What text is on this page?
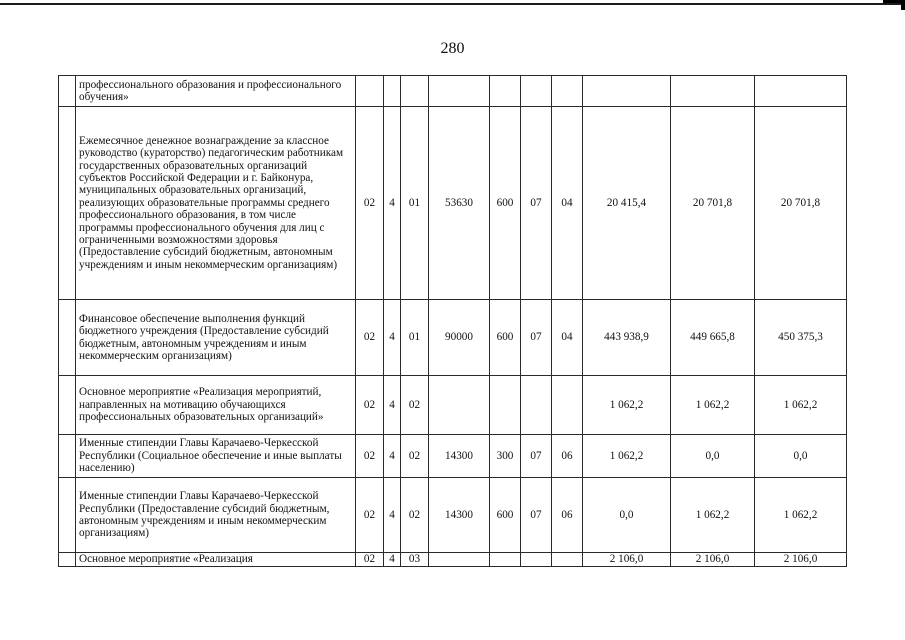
280
	профессионального образования и профессионального обучения»										
	Ежемесячное денежное вознаграждение за классное руководство (кураторство) педагогическим работникам государственных образовательных организаций субъектов Российской Федерации и г. Байконура, муниципальных образовательных организаций, реализующих образовательные программы среднего профессионального образования, в том числе программы профессионального обучения для лиц с ограниченными возможностями здоровья (Предоставление субсидий бюджетным, автономным учреждениям и иным некоммерческим организациям)	02	4	01	53630	600	07	04	20 415,4	20 701,8	20 701,8
	Финансовое обеспечение выполнения функций бюджетного учреждения (Предоставление субсидий бюджетным, автономным учреждениям и иным некоммерческим организациям)	02	4	01	90000	600	07	04	443 938,9	449 665,8	450 375,3
	Основное мероприятие «Реализация мероприятий, направленных на мотивацию обучающихся профессиональных образовательных организаций»	02	4	02					1 062,2	1 062,2	1 062,2
	Именные стипендии Главы Карачаево-Черкесской Республики (Социальное обеспечение и иные выплаты населению)	02	4	02	14300	300	07	06	1 062,2	0,0	0,0
	Именные стипендии Главы Карачаево-Черкесской Республики (Предоставление субсидий бюджетным, автономным учреждениям и иным некоммерческим организациям)	02	4	02	14300	600	07	06	0,0	1 062,2	1 062,2
	Основное мероприятие «Реализация	02	4	03					2 106,0	2 106,0	2 106,0
